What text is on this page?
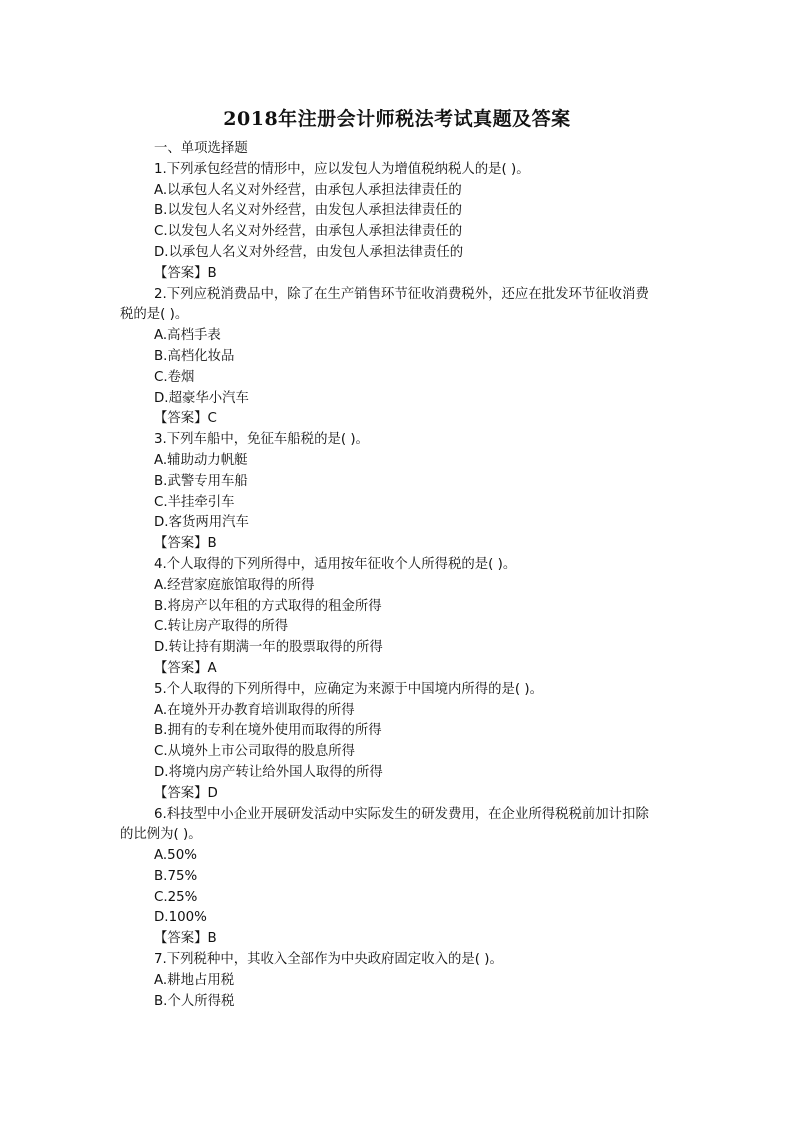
2018年注册会计师税法考试真题及答案
一、单项选择题
1.下列承包经营的情形中，应以发包人为增值税纳税人的是( )。
A.以承包人名义对外经营，由承包人承担法律责任的
B.以发包人名义对外经营，由发包人承担法律责任的
C.以发包人名义对外经营，由承包人承担法律责任的
D.以承包人名义对外经营，由发包人承担法律责任的
【答案】B
2.下列应税消费品中，除了在生产销售环节征收消费税外，还应在批发环节征收消费
税的是( )。
A.高档手表
B.高档化妆品
C.卷烟
D.超豪华小汽车
【答案】C
3.下列车船中，免征车船税的是( )。
A.辅助动力帆艇
B.武警专用车船
C.半挂牵引车
D.客货两用汽车
【答案】B
4.个人取得的下列所得中，适用按年征收个人所得税的是( )。
A.经营家庭旅馆取得的所得
B.将房产以年租的方式取得的租金所得
C.转让房产取得的所得
D.转让持有期满一年的股票取得的所得
【答案】A
5.个人取得的下列所得中，应确定为来源于中国境内所得的是( )。
A.在境外开办教育培训取得的所得
B.拥有的专利在境外使用而取得的所得
C.从境外上市公司取得的股息所得
D.将境内房产转让给外国人取得的所得
【答案】D
6.科技型中小企业开展研发活动中实际发生的研发费用，在企业所得税税前加计扣除
的比例为( )。
A.50%
B.75%
C.25%
D.100%
【答案】B
7.下列税种中，其收入全部作为中央政府固定收入的是( )。
A.耕地占用税
B.个人所得税
